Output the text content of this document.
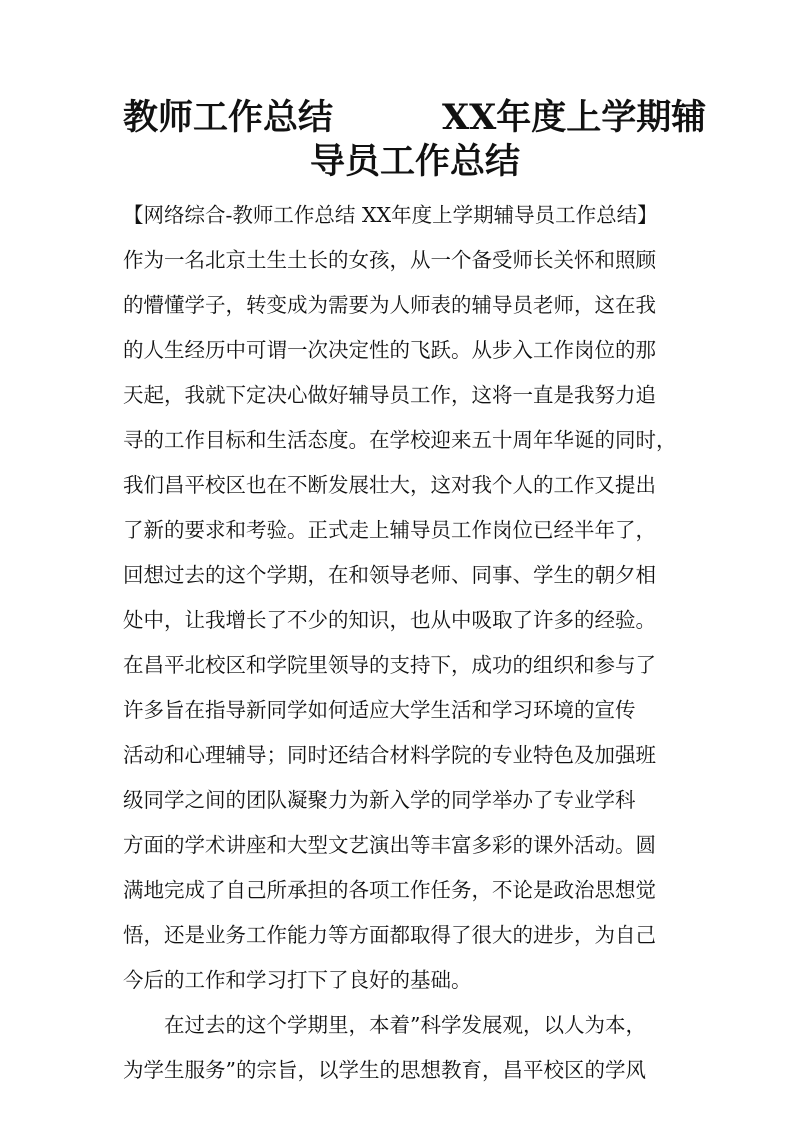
教师工作总结	XX年度上学期辅
导员工作总结
【网络综合-教师工作总结 XX年度上学期辅导员工作总结】
作为一名北京土生土长的女孩，从一个备受师长关怀和照顾
的懵懂学子，转变成为需要为人师表的辅导员老师，这在我
的人生经历中可谓一次决定性的飞跃。从步入工作岗位的那
天起，我就下定决心做好辅导员工作，这将一直是我努力追
寻的工作目标和生活态度。在学校迎来五十周年华诞的同时，
我们昌平校区也在不断发展壮大，这对我个人的工作又提出
了新的要求和考验。正式走上辅导员工作岗位已经半年了，
回想过去的这个学期，在和领导老师、同事、学生的朝夕相
处中，让我增长了不少的知识，也从中吸取了许多的经验。
在昌平北校区和学院里领导的支持下，成功的组织和参与了
许多旨在指导新同学如何适应大学生活和学习环境的宣传
活动和心理辅导；同时还结合材料学院的专业特色及加强班
级同学之间的团队凝聚力为新入学的同学举办了专业学科
方面的学术讲座和大型文艺演出等丰富多彩的课外活动。圆
满地完成了自己所承担的各项工作任务，不论是政治思想觉
悟，还是业务工作能力等方面都取得了很大的进步，为自己
今后的工作和学习打下了良好的基础。
　　在过去的这个学期里，本着”科学发展观，以人为本，
为学生服务”的宗旨，以学生的思想教育，昌平校区的学风
